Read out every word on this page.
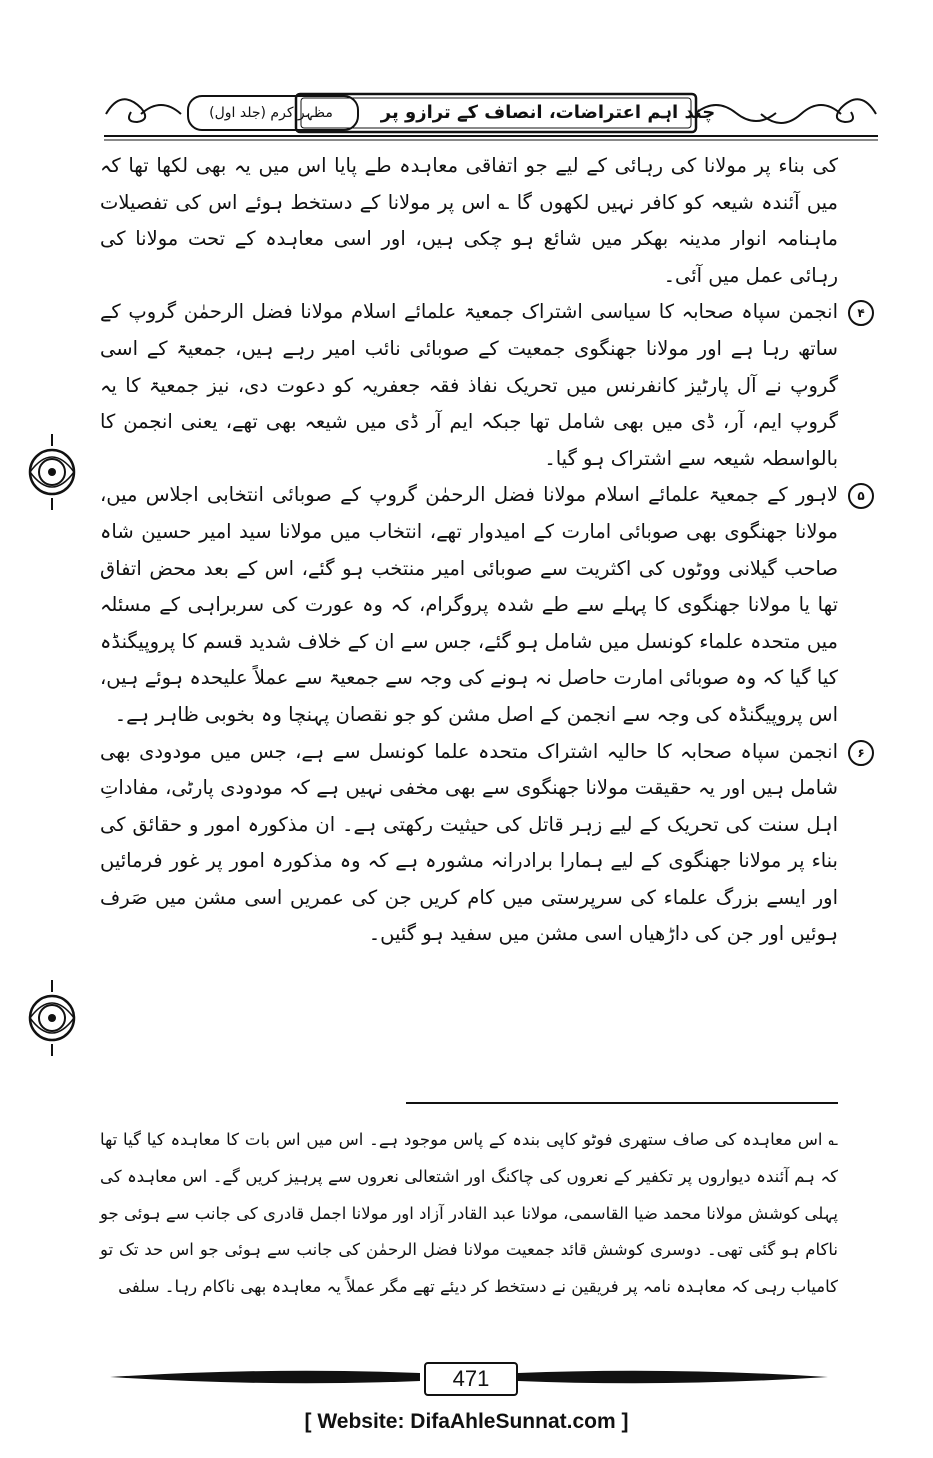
چند اہم اعتراضات، انصاف کے ترازو پر
مظہر کرم (جلد اول)

کی بناء پر مولانا کی رہائی کے لیے جو اتفاقی معاہدہ طے پایا اس میں یہ بھی لکھا تھا کہ میں آئندہ شیعہ کو کافر نہیں لکھوں گا ؎ اس پر مولانا کے دستخط ہوئے اس کی تفصیلات ماہنامہ انوار مدینہ بھکر میں شائع ہو چکی ہیں، اور اسی معاہدہ کے تحت مولانا کی رہائی عمل میں آئی۔

۴

انجمن سپاہ صحابہ کا سیاسی اشتراک جمعیۃ علمائے اسلام مولانا فضل الرحمٰن گروپ کے ساتھ رہا ہے اور مولانا جھنگوی جمعیت کے صوبائی نائب امیر رہے ہیں، جمعیۃ کے اسی گروپ نے آل پارٹیز کانفرنس میں تحریک نفاذ فقہ جعفریہ کو دعوت دی، نیز جمعیۃ کا یہ گروپ ایم، آر، ڈی میں بھی شامل تھا جبکہ ایم آر ڈی میں شیعہ بھی تھے، یعنی انجمن کا بالواسطہ شیعہ سے اشتراک ہو گیا۔

۵

لاہور کے جمعیۃ علمائے اسلام مولانا فضل الرحمٰن گروپ کے صوبائی انتخابی اجلاس میں، مولانا جھنگوی بھی صوبائی امارت کے امیدوار تھے، انتخاب میں مولانا سید امیر حسین شاہ صاحب گیلانی ووٹوں کی اکثریت سے صوبائی امیر منتخب ہو گئے، اس کے بعد محض اتفاق تھا یا مولانا جھنگوی کا پہلے سے طے شدہ پروگرام، کہ وہ عورت کی سربراہی کے مسئلہ میں متحدہ علماء کونسل میں شامل ہو گئے، جس سے ان کے خلاف شدید قسم کا پروپیگنڈہ کیا گیا کہ وہ صوبائی امارت حاصل نہ ہونے کی وجہ سے جمعیۃ سے عملاً علیحدہ ہوئے ہیں، اس پروپیگنڈہ کی وجہ سے انجمن کے اصل مشن کو جو نقصان پہنچا وہ بخوبی ظاہر ہے۔

۶

انجمن سپاہ صحابہ کا حالیہ اشتراک متحدہ علما کونسل سے ہے، جس میں مودودی بھی شامل ہیں اور یہ حقیقت مولانا جھنگوی سے بھی مخفی نہیں ہے کہ مودودی پارٹی، مفاداتِ اہل سنت کی تحریک کے لیے زہر قاتل کی حیثیت رکھتی ہے۔ ان مذکورہ امور و حقائق کی بناء پر مولانا جھنگوی کے لیے ہمارا برادرانہ مشورہ ہے کہ وہ مذکورہ امور پر غور فرمائیں اور ایسے بزرگ علماء کی سرپرستی میں کام کریں جن کی عمریں اسی مشن میں صَرف ہوئیں اور جن کی داڑھیاں اسی مشن میں سفید ہو گئیں۔

؎ اس معاہدہ کی صاف ستھری فوٹو کاپی بندہ کے پاس موجود ہے۔ اس میں اس بات کا معاہدہ کیا گیا تھا کہ ہم آئندہ دیواروں پر تکفیر کے نعروں کی چاکنگ اور اشتعالی نعروں سے پرہیز کریں گے۔ اس معاہدہ کی پہلی کوشش مولانا محمد ضیا القاسمی، مولانا عبد القادر آزاد اور مولانا اجمل قادری کی جانب سے ہوئی جو ناکام ہو گئی تھی۔ دوسری کوشش قائد جمعیت مولانا فضل الرحمٰن کی جانب سے ہوئی جو اس حد تک تو کامیاب رہی کہ معاہدہ نامہ پر فریقین نے دستخط کر دیئے تھے مگر عملاً یہ معاہدہ بھی ناکام رہا۔ سلفی

471
[ Website: DifaAhleSunnat.com ]
